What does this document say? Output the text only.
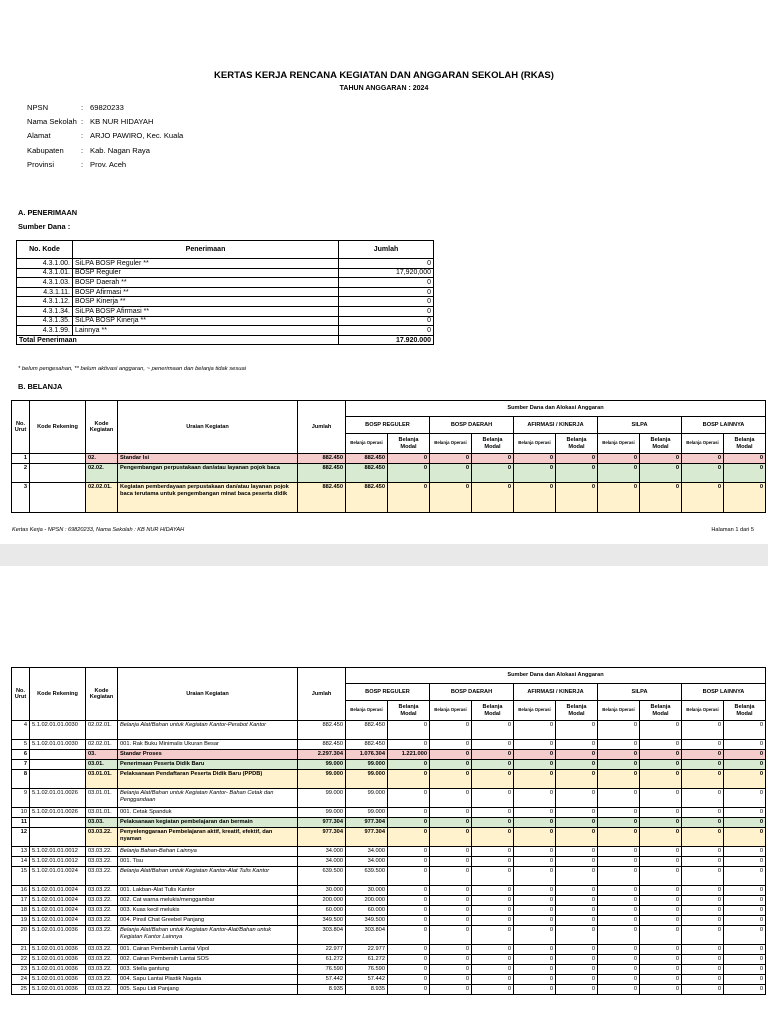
KERTAS KERJA RENCANA KEGIATAN DAN ANGGARAN SEKOLAH (RKAS)
TAHUN ANGGARAN : 2024
NPSN	: 69820233
Nama Sekolah : KB NUR HIDAYAH
Alamat	: ARJO PAWIRO, Kec. Kuala
Kabupaten	: Kab. Nagan Raya
Provinsi	: Prov. Aceh
A. PENERIMAAN
Sumber Dana :
No. Kode	Penerimaan	Jumlah
4.3.1.00.	SiLPA BOSP Reguler **	0
4.3.1.01.	BOSP Reguler	17,920,000
4.3.1.03.	BOSP Daerah **	0
4.3.1.11.	BOSP Afirmasi **	0
4.3.1.12.	BOSP Kinerja **	0
4.3.1.34.	SiLPA BOSP Afirmasi **	0
4.3.1.35.	SiLPA BOSP Kinerja **	0
4.3.1.99.	Lainnya **	0
Total Penerimaan		17.920.000
* belum pengesahan, ** belum aktivasi anggaran, ~ penerimaan dan belanja tidak sesuai
B. BELANJA
No. Urut	Kode Rekening	Kode Kegiatan	Uraian Kegiatan	Jumlah	Sumber Dana dan Alokasi Anggaran									
					BOSP REGULER		BOSP DAERAH		AFIRMASI / KINERJA		SILPA		BOSP LAINNYA	
					Belanja Operasi	Belanja Modal	Belanja Operasi	Belanja Modal	Belanja Operasi	Belanja Modal	Belanja Operasi	Belanja Modal	Belanja Operasi	Belanja Modal
1		02.	Standar Isi	882.450	882.450	0	0	0	0	0	0	0	0	0
2		02.02.	Pengembangan perpustakaan dan/atau layanan pojok baca	882.450	882.450	0	0	0	0	0	0	0	0	0
3		02.02.01.	Kegiatan pemberdayaan perpustakaan dan/atau layanan pojok baca terutama untuk pengembangan minat baca peserta didik	882.450	882.450	0	0	0	0	0	0	0	0	0
Kertas Kerja - NPSN : 69820233, Nama Sekolah : KB NUR HIDAYAH	Halaman 1 dari 5
No. Urut	Kode Rekening	Kode Kegiatan	Uraian Kegiatan	Jumlah	Sumber Dana dan Alokasi Anggaran									
					BOSP REGULER		BOSP DAERAH		AFIRMASI / KINERJA		SILPA		BOSP LAINNYA	
					Belanja Operasi	Belanja Modal	Belanja Operasi	Belanja Modal	Belanja Operasi	Belanja Modal	Belanja Operasi	Belanja Modal	Belanja Operasi	Belanja Modal
4	5.1.02.01.01.0030	02.02.01.	Belanja Alat/Bahan untuk Kegiatan Kantor-Perabot Kantor	882.450	882.450	0	0	0	0	0	0	0	0	0
5	5.1.02.01.01.0030	02.02.01.	001. Rak Buku Minimalis Ukuran Besar	882.450	882.450	0	0	0	0	0	0	0	0	0
6		03.	Standar Proses	2.297.304	1.076.304	1.221.000	0	0	0	0	0	0	0	0
7		03.01.	Penerimaan Peserta Didik Baru	99.000	99.000	0	0	0	0	0	0	0	0	0
8		03.01.01.	Pelaksanaan Pendaftaran Peserta Didik Baru (PPDB)	99.000	99.000	0	0	0	0	0	0	0	0	0
9	5.1.02.01.01.0026	03.01.01.	Belanja Alat/Bahan untuk Kegiatan Kantor- Bahan Cetak dan Penggandaan	99.000	99.000	0	0	0	0	0	0	0	0	0
10	5.1.02.01.01.0026	03.01.01.	001. Cetak Spanduk	99.000	99.000	0	0	0	0	0	0	0	0	0
11		03.03.	Pelaksanaan kegiatan pembelajaran dan bermain	977.304	977.304	0	0	0	0	0	0	0	0	0
12		03.03.22.	Penyelenggaraan Pembelajaran aktif, kreatif, efektif, dan nyaman	977.304	977.304	0	0	0	0	0	0	0	0	0
13	5.1.02.01.01.0012	03.03.22.	Belanja Bahan-Bahan Lainnya	34.000	34.000	0	0	0	0	0	0	0	0	0
14	5.1.02.01.01.0012	03.03.22.	001. Tisu	34.000	34.000	0	0	0	0	0	0	0	0	0
15	5.1.02.01.01.0024	03.03.22.	Belanja Alat/Bahan untuk Kegiatan Kantor-Alat Tulis Kantor	639.500	639.500	0	0	0	0	0	0	0	0	0
16	5.1.02.01.01.0024	03.03.22.	001. Lakban-Alat Tulis Kantor	30.000	30.000	0	0	0	0	0	0	0	0	0
17	5.1.02.01.01.0024	03.03.22.	002. Cat warna melukis/menggambar	200.000	200.000	0	0	0	0	0	0	0	0	0
18	5.1.02.01.01.0024	03.03.22.	003. Kuas kecil melukis	60.000	60.000	0	0	0	0	0	0	0	0	0
19	5.1.02.01.01.0024	03.03.22.	004. Pinsil Chat Greebel Panjang	349.500	349.500	0	0	0	0	0	0	0	0	0
20	5.1.02.01.01.0036	03.03.22.	Belanja Alat/Bahan untuk Kegiatan Kantor-Alat/Bahan untuk Kegiatan Kantor Lainnya	303.804	303.804	0	0	0	0	0	0	0	0	0
21	5.1.02.01.01.0036	03.03.22.	001. Cairan Pembersih Lantai Vipol	22.977	22.977	0	0	0	0	0	0	0	0	0
22	5.1.02.01.01.0036	03.03.22.	002. Cairan Pembersih Lantai SOS	61.272	61.272	0	0	0	0	0	0	0	0	0
23	5.1.02.01.01.0036	03.03.22.	003. Stella gantung	76.590	76.590	0	0	0	0	0	0	0	0	0
24	5.1.02.01.01.0036	03.03.22.	004. Sapu Lantai Plastik Nagata	57.442	57.442	0	0	0	0	0	0	0	0	0
25	5.1.02.01.01.0036	03.03.22.	005. Sapu Lidi Panjang	8.935	8.935	0	0	0	0	0	0	0	0	0
